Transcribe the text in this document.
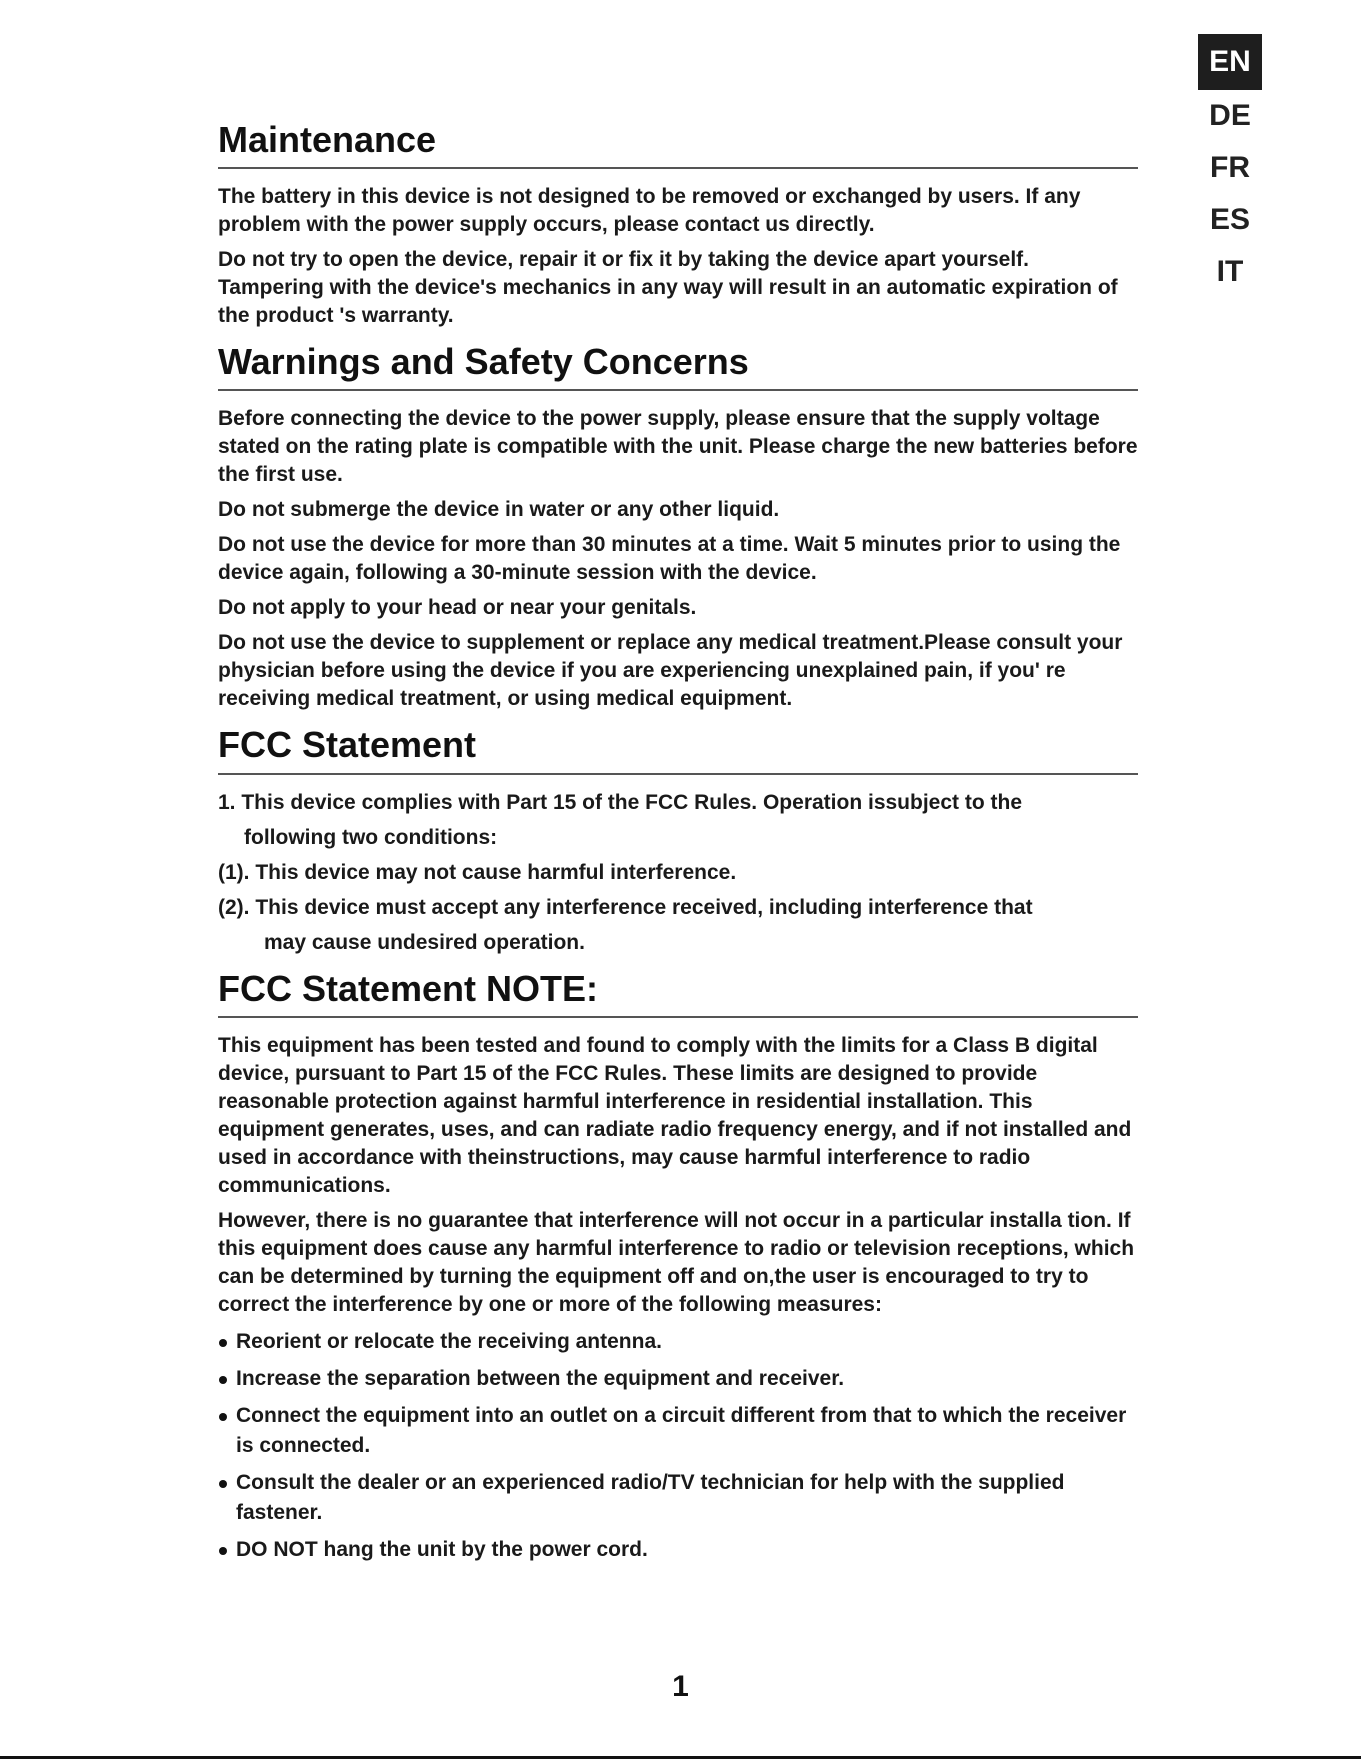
EN
DE
FR
ES
IT
Maintenance

The battery in this device is not designed to be removed or exchanged by users. If any problem with the power supply occurs, please contact us directly.

Do not try to open the device, repair it or fix it by taking the device apart yourself. Tampering with the device's mechanics in any way will result in an automatic expiration of the product 's warranty.

Warnings and Safety Concerns

Before connecting the device to the power supply, please ensure that the supply voltage stated on the rating plate is compatible with the unit. Please charge the new batteries before the first use.

Do not submerge the device in water or any other liquid.

Do not use the device for more than 30 minutes at a time. Wait 5 minutes prior to using the device again, following a 30-minute session with the device.

Do not apply to your head or near your genitals.

Do not use the device to supplement or replace any medical treatment.Please consult your physician before using the device if you are experiencing unexplained pain, if you' re receiving medical treatment, or using medical equipment.

FCC Statement

1. This device complies with Part 15 of the FCC Rules. Operation issubject to the

following two conditions:

(1). This device may not cause harmful interference.

(2). This device must accept any interference received, including interference that

may cause undesired operation.

FCC Statement NOTE:

This equipment has been tested and found to comply with the limits for a Class B digital device, pursuant to Part 15 of the FCC Rules. These limits are designed to provide reasonable protection against harmful interference in residential installation. This equipment generates, uses, and can radiate radio frequency energy, and if not installed and used in accordance with theinstructions, may cause harmful interference to radio communications.

However, there is no guarantee that interference will not occur in a particular installa tion. If this equipment does cause any harmful interference to radio or television receptions, which can be determined by turning the equipment off and on,the user is encouraged to try to correct the interference by one or more of the following measures:

Reorient or relocate the receiving antenna.
Increase the separation between the equipment and receiver.
Connect the equipment into an outlet on a circuit different from that to which the receiver is connected.
Consult the dealer or an experienced radio/TV technician for help with the supplied fastener.
DO NOT hang the unit by the power cord.
1
